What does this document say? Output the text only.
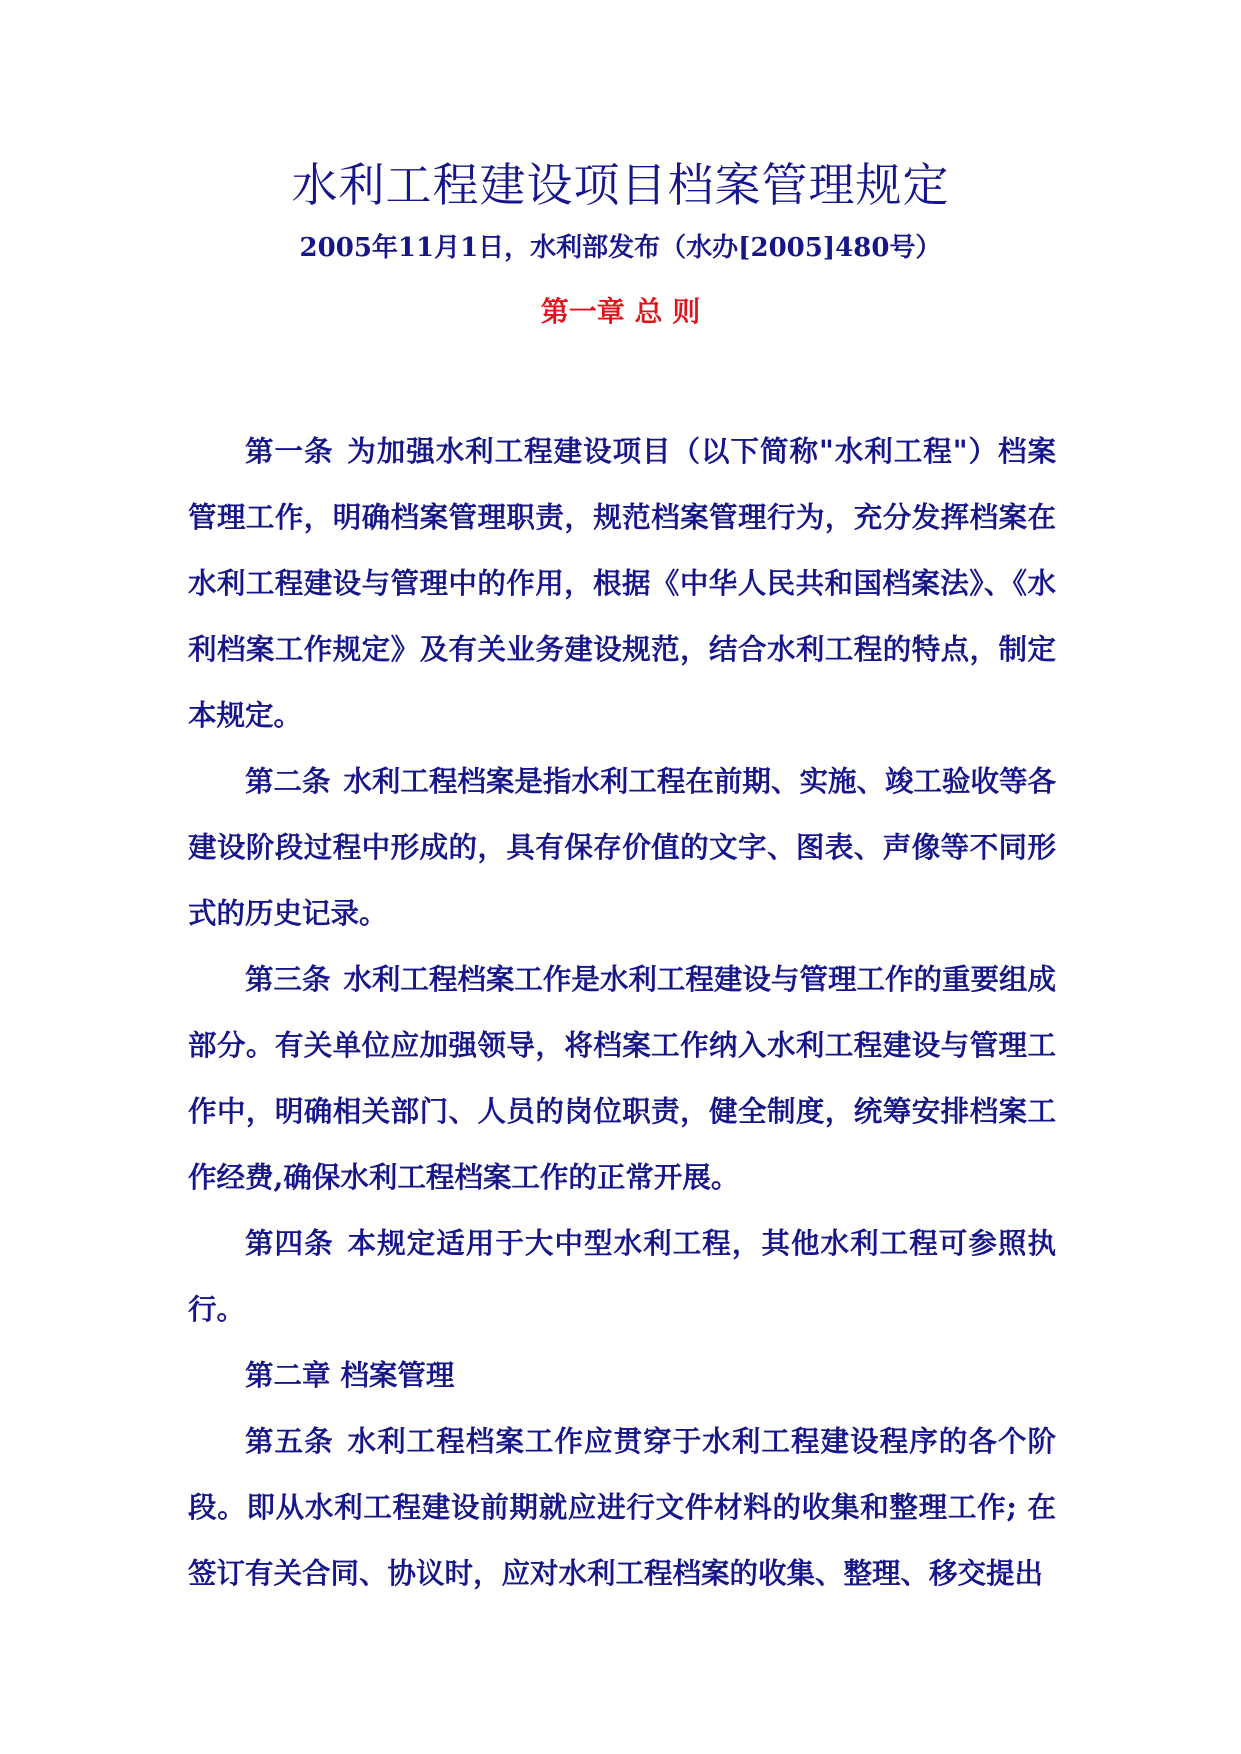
水利工程建设项目档案管理规定

2005年11月1日，水利部发布（水办[2005]480号）

第一章 总 则

第一条 为加强水利工程建设项目（以下简称"水利工程"）档案管理工作，明确档案管理职责，规范档案管理行为，充分发挥档案在水利工程建设与管理中的作用，根据《中华人民共和国档案法》、《水利档案工作规定》及有关业务建设规范，结合水利工程的特点，制定本规定。

第二条 水利工程档案是指水利工程在前期、实施、竣工验收等各建设阶段过程中形成的，具有保存价值的文字、图表、声像等不同形式的历史记录。

第三条 水利工程档案工作是水利工程建设与管理工作的重要组成部分。有关单位应加强领导，将档案工作纳入水利工程建设与管理工作中，明确相关部门、人员的岗位职责，健全制度，统筹安排档案工作经费,确保水利工程档案工作的正常开展。

第四条 本规定适用于大中型水利工程，其他水利工程可参照执行。

第二章 档案管理

第五条 水利工程档案工作应贯穿于水利工程建设程序的各个阶段。即从水利工程建设前期就应进行文件材料的收集和整理工作; 在签订有关合同、协议时，应对水利工程档案的收集、整理、移交提出
